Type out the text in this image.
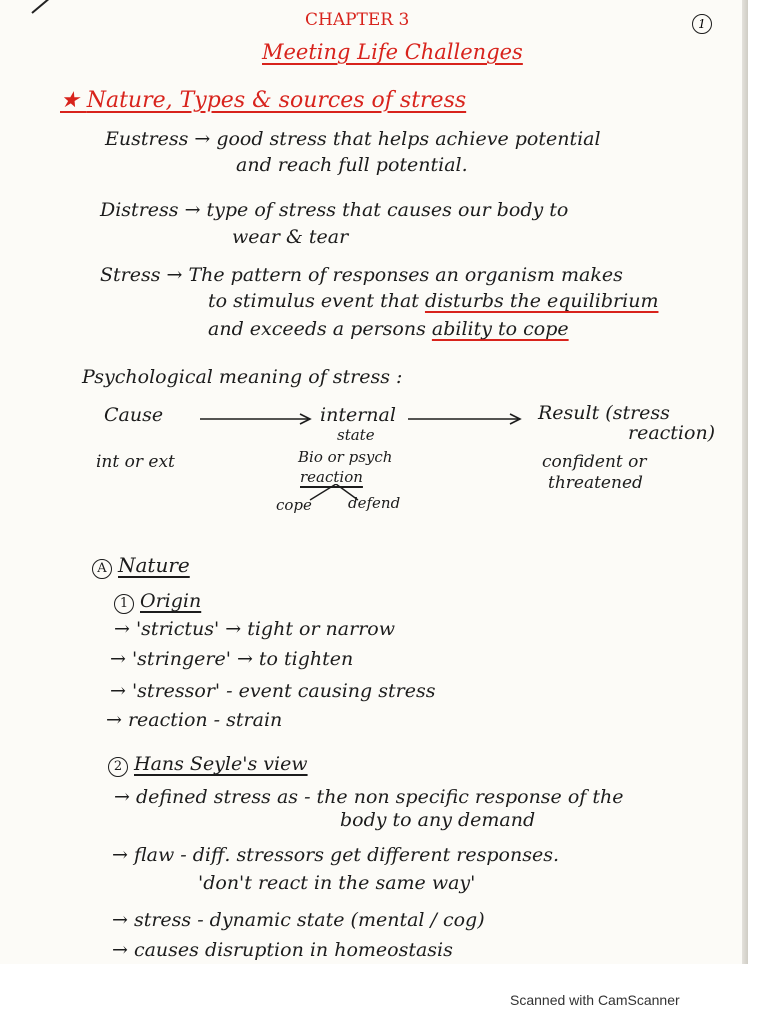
1

CHAPTER 3

Meeting Life Challenges

★ Nature, Types & sources of stress

Eustress → good stress that helps achieve potential

and reach full potential.

Distress → type of stress that causes our body to

wear & tear

Stress → The pattern of responses an organism makes

to stimulus event that disturbs the equilibrium

and exceeds a persons ability to cope

Psychological meaning of stress :

Cause	internal

state

Result (stress

reaction)

int or ext	Bio or psych

reaction

cope defend

confident or

threatened

A Nature

1 Origin

→ 'strictus' → tight or narrow

→ 'stringere' → to tighten

→ 'stressor' - event causing stress

→ reaction - strain

2 Hans Seyle's view

→ defined stress as - the non specific response of the

body to any demand

→ flaw - diff. stressors get different responses.

'don't react in the same way'

→ stress - dynamic state (mental / cog)

→ causes disruption in homeostasis

Scanned with CamScanner
